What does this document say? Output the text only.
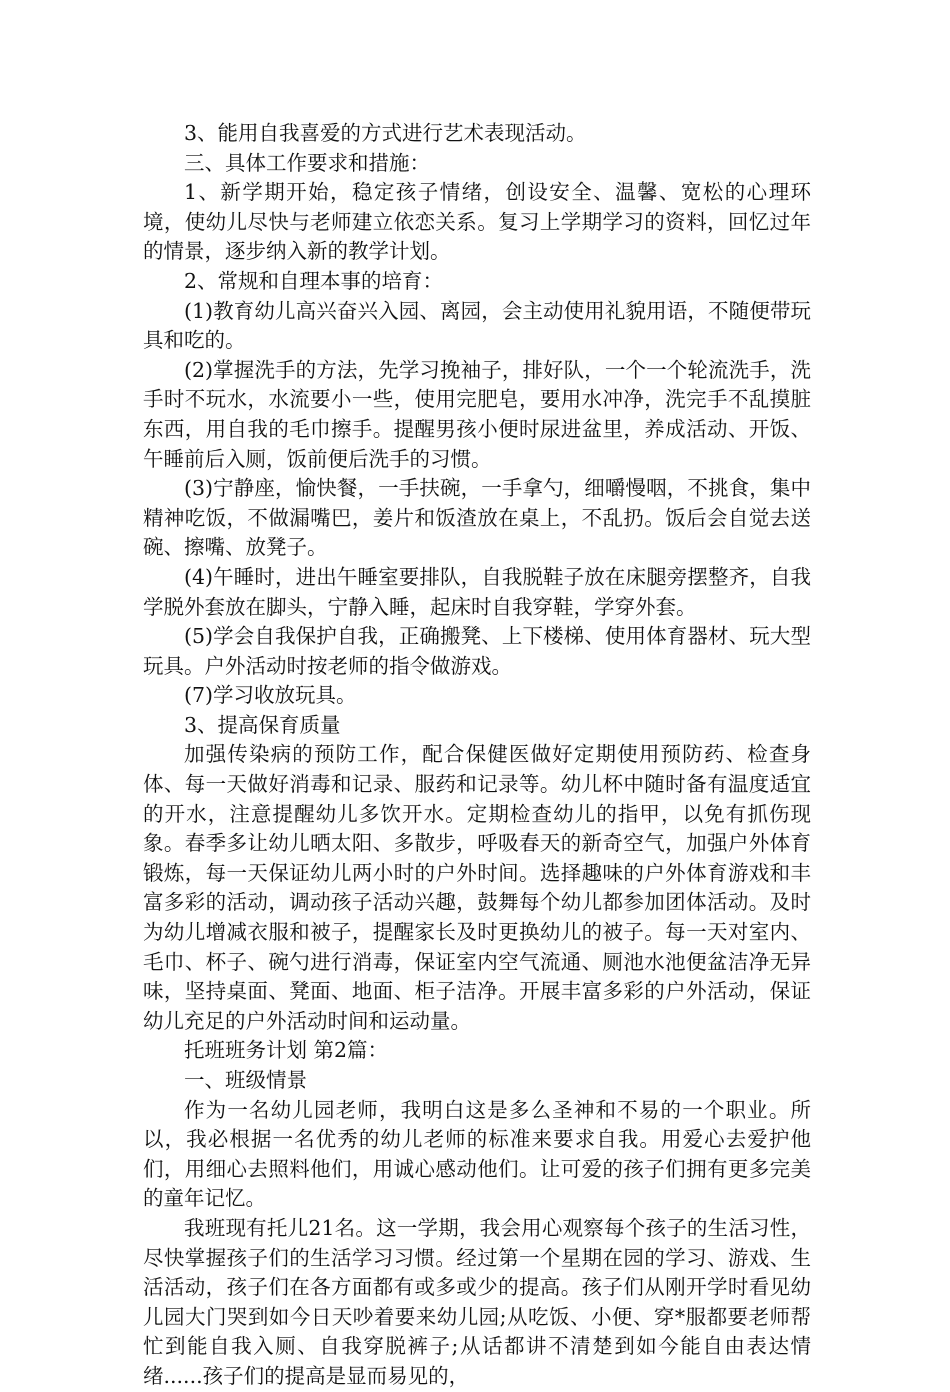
3、能用自我喜爱的方式进行艺术表现活动。

三、具体工作要求和措施：

1、新学期开始，稳定孩子情绪，创设安全、温馨、宽松的心理环境，使幼儿尽快与老师建立依恋关系。复习上学期学习的资料，回忆过年的情景，逐步纳入新的教学计划。

2、常规和自理本事的培育：

(1)教育幼儿高兴奋兴入园、离园，会主动使用礼貌用语，不随便带玩具和吃的。

(2)掌握洗手的方法，先学习挽袖子，排好队，一个一个轮流洗手，洗手时不玩水，水流要小一些，使用完肥皂，要用水冲净，洗完手不乱摸脏东西，用自我的毛巾擦手。提醒男孩小便时尿进盆里，养成活动、开饭、午睡前后入厕，饭前便后洗手的习惯。

(3)宁静座，愉快餐，一手扶碗，一手拿勺，细嚼慢咽，不挑食，集中精神吃饭，不做漏嘴巴，姜片和饭渣放在桌上，不乱扔。饭后会自觉去送碗、擦嘴、放凳子。

(4)午睡时，进出午睡室要排队，自我脱鞋子放在床腿旁摆整齐，自我学脱外套放在脚头，宁静入睡，起床时自我穿鞋，学穿外套。

(5)学会自我保护自我，正确搬凳、上下楼梯、使用体育器材、玩大型玩具。户外活动时按老师的指令做游戏。

(7)学习收放玩具。

3、提高保育质量

加强传染病的预防工作，配合保健医做好定期使用预防药、检查身体、每一天做好消毒和记录、服药和记录等。幼儿杯中随时备有温度适宜的开水，注意提醒幼儿多饮开水。定期检查幼儿的指甲，以免有抓伤现象。春季多让幼儿晒太阳、多散步，呼吸春天的新奇空气，加强户外体育锻炼，每一天保证幼儿两小时的户外时间。选择趣味的户外体育游戏和丰富多彩的活动，调动孩子活动兴趣，鼓舞每个幼儿都参加团体活动。及时为幼儿增减衣服和被子，提醒家长及时更换幼儿的被子。每一天对室内、毛巾、杯子、碗勺进行消毒，保证室内空气流通、厕池水池便盆洁净无异味，坚持桌面、凳面、地面、柜子洁净。开展丰富多彩的户外活动，保证幼儿充足的户外活动时间和运动量。

托班班务计划 第2篇：

一、班级情景

作为一名幼儿园老师，我明白这是多么圣神和不易的一个职业。所以，我必根据一名优秀的幼儿老师的标准来要求自我。用爱心去爱护他们，用细心去照料他们，用诚心感动他们。让可爱的孩子们拥有更多完美的童年记忆。

我班现有托儿21名。这一学期，我会用心观察每个孩子的生活习性，尽快掌握孩子们的生活学习习惯。经过第一个星期在园的学习、游戏、生活活动，孩子们在各方面都有或多或少的提高。孩子们从刚开学时看见幼儿园大门哭到如今日天吵着要来幼儿园;从吃饭、小便、穿*服都要老师帮忙到能自我入厕、自我穿脱裤子;从话都讲不清楚到如今能自由表达情绪......孩子们的提高是显而易见的，
